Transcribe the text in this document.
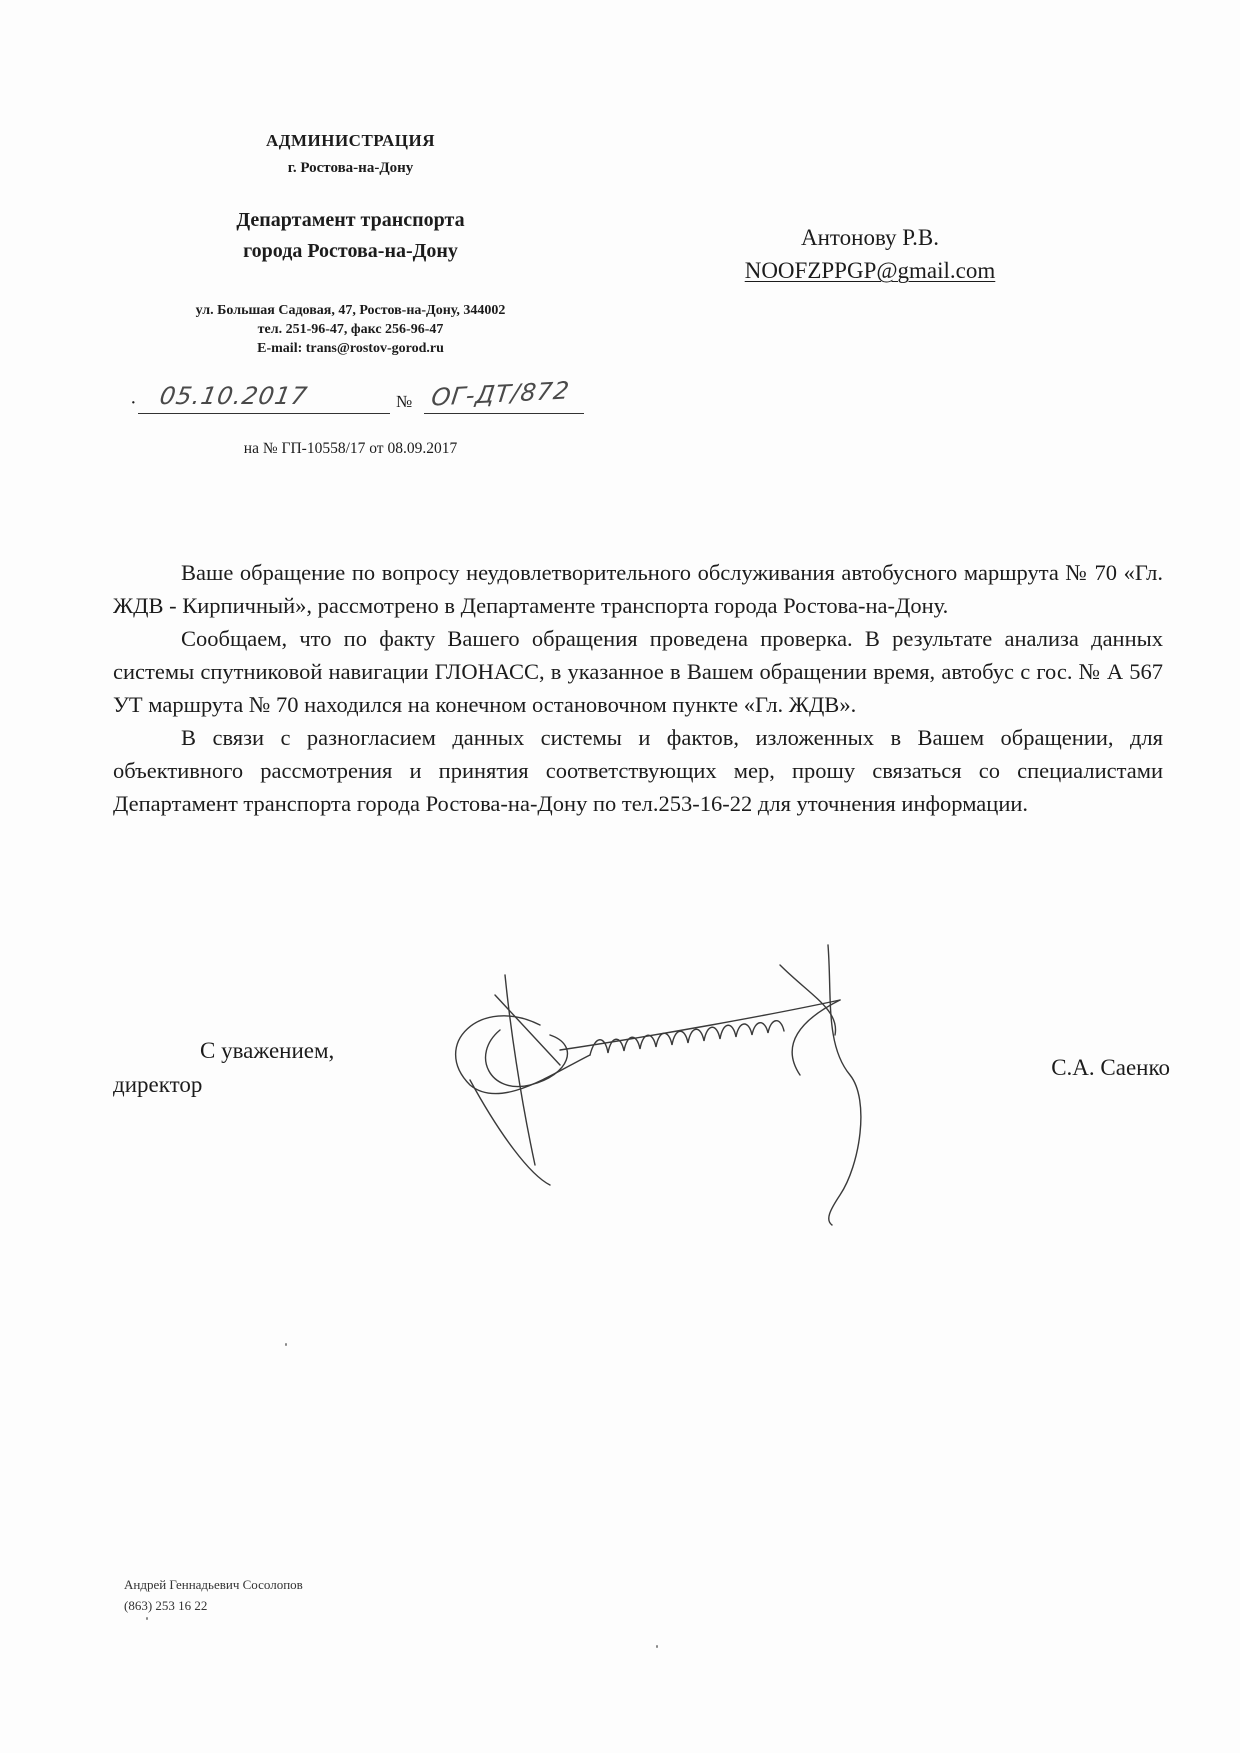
АДМИНИСТРАЦИЯ
г. Ростова-на-Дону
Департамент транспорта
города Ростова-на-Дону
ул. Большая Садовая, 47, Ростов-на-Дону, 344002
тел. 251-96-47, факс 256-96-47
E-mail: trans@rostov-gorod.ru
· 05.10.2017	№ ОГ-ДТ/872
на № ГП-10558/17 от 08.09.2017
Антонову Р.В.
NOOFZPPGP@gmail.com

Ваше обращение по вопросу неудовлетворительного обслуживания автобусного маршрута № 70 «Гл. ЖДВ - Кирпичный», рассмотрено в Департаменте транспорта города Ростова-на-Дону.

Сообщаем, что по факту Вашего обращения проведена проверка. В результате анализа данных системы спутниковой навигации ГЛОНАСС, в указанное в Вашем обращении время, автобус с гос. № А 567 УТ маршрута № 70 находился на конечном остановочном пункте «Гл. ЖДВ».

В связи с разногласием данных системы и фактов, изложенных в Вашем обращении, для объективного рассмотрения и принятия соответствующих мер, прошу связаться со специалистами Департамент транспорта города Ростова-на-Дону по тел.253-16-22 для уточнения информации.

С уважением,
директор
С.А. Саенко
Андрей Геннадьевич Сосолопов
(863) 253 16 22
